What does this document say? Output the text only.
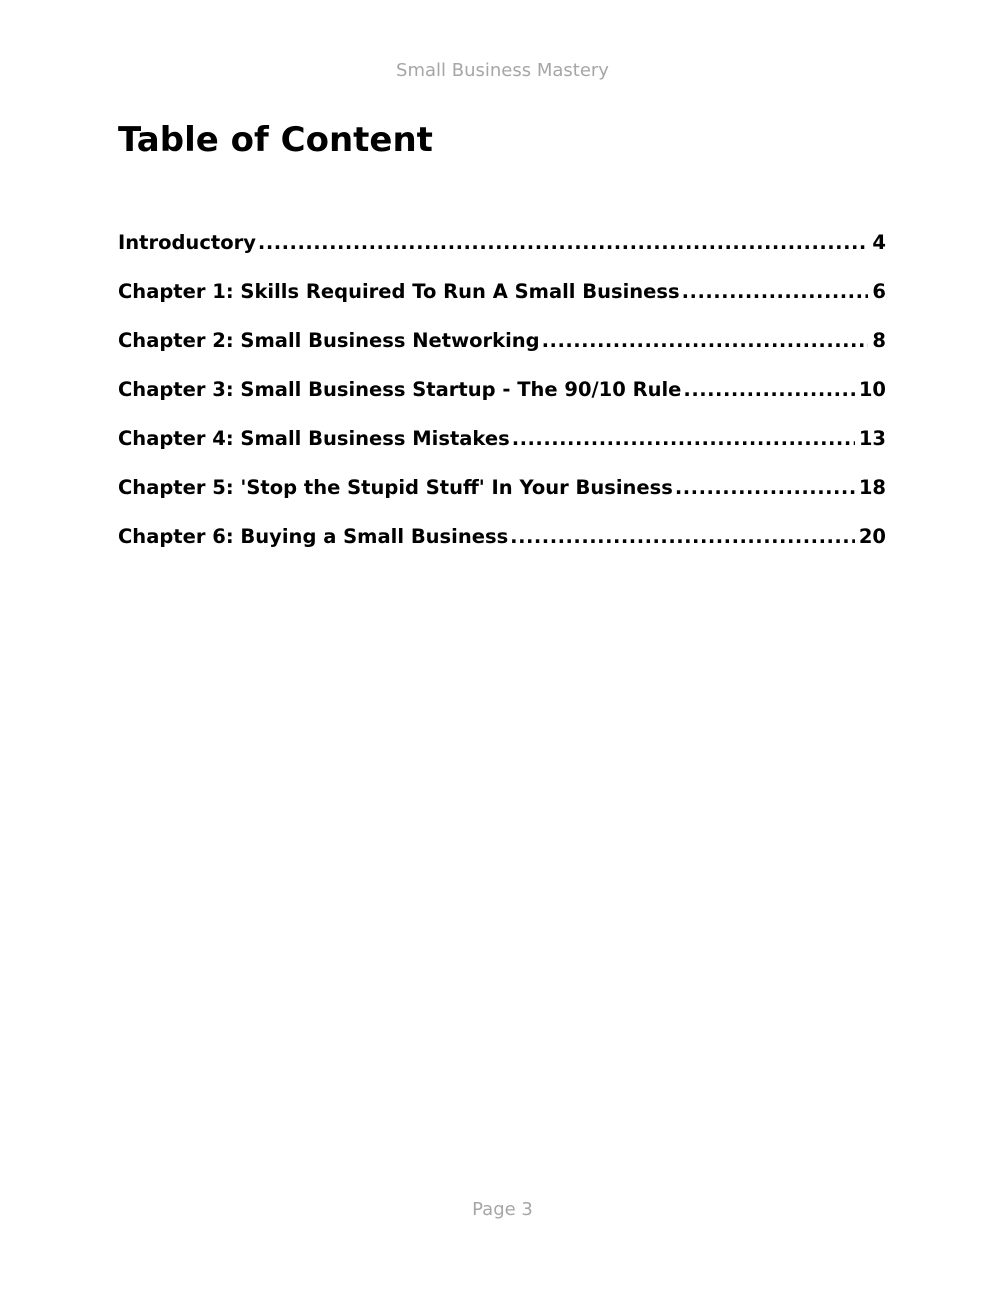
Small Business Mastery
Table of Content
Introductory .....	4
Chapter 1: Skills Required To Run A Small Business .....	6
Chapter 2: Small Business Networking .....	8
Chapter 3: Small Business Startup - The 90/10 Rule .....	10
Chapter 4: Small Business Mistakes .....	13
Chapter 5: 'Stop the Stupid Stuff' In Your Business .....	18
Chapter 6: Buying a Small Business .....	20
Page 3
